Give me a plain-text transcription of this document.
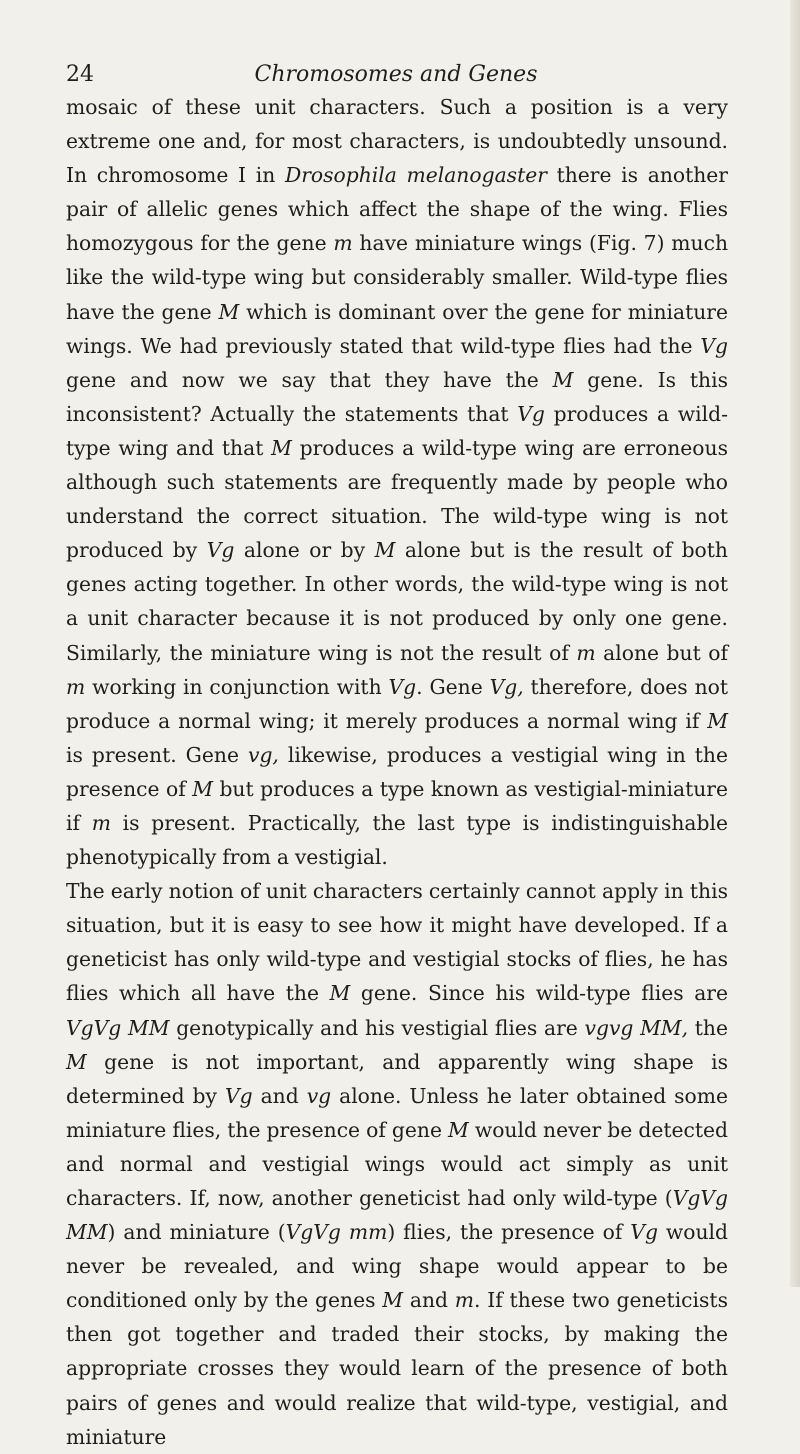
24	Chromosomes and Genes

mosaic of these unit characters. Such a position is a very extreme one and, for most characters, is undoubtedly unsound. In chromosome I in Drosophila melanogaster there is another pair of allelic genes which affect the shape of the wing. Flies homozygous for the gene m have miniature wings (Fig. 7) much like the wild-type wing but considerably smaller. Wild-type flies have the gene M which is dominant over the gene for miniature wings. We had previously stated that wild-type flies had the Vg gene and now we say that they have the M gene. Is this inconsistent? Actually the statements that Vg produces a wild-type wing and that M produces a wild-type wing are erroneous although such statements are frequently made by people who understand the correct situation. The wild-type wing is not produced by Vg alone or by M alone but is the result of both genes acting together. In other words, the wild-type wing is not a unit character because it is not produced by only one gene. Similarly, the miniature wing is not the result of m alone but of m working in conjunction with Vg. Gene Vg, therefore, does not produce a normal wing; it merely produces a normal wing if M is present. Gene vg, likewise, produces a vestigial wing in the presence of M but produces a type known as vestigial-miniature if m is present. Practically, the last type is indistinguishable phenotypically from a vestigial.

The early notion of unit characters certainly cannot apply in this situation, but it is easy to see how it might have developed. If a geneticist has only wild-type and vestigial stocks of flies, he has flies which all have the M gene. Since his wild-type flies are VgVg MM genotypically and his vestigial flies are vgvg MM, the M gene is not important, and apparently wing shape is determined by Vg and vg alone. Unless he later obtained some miniature flies, the presence of gene M would never be detected and normal and vestigial wings would act simply as unit characters. If, now, another geneticist had only wild-type (VgVg MM) and miniature (VgVg mm) flies, the presence of Vg would never be revealed, and wing shape would appear to be conditioned only by the genes M and m. If these two geneticists then got together and traded their stocks, by making the appropriate crosses they would learn of the presence of both pairs of genes and would realize that wild-type, vestigial, and miniature
